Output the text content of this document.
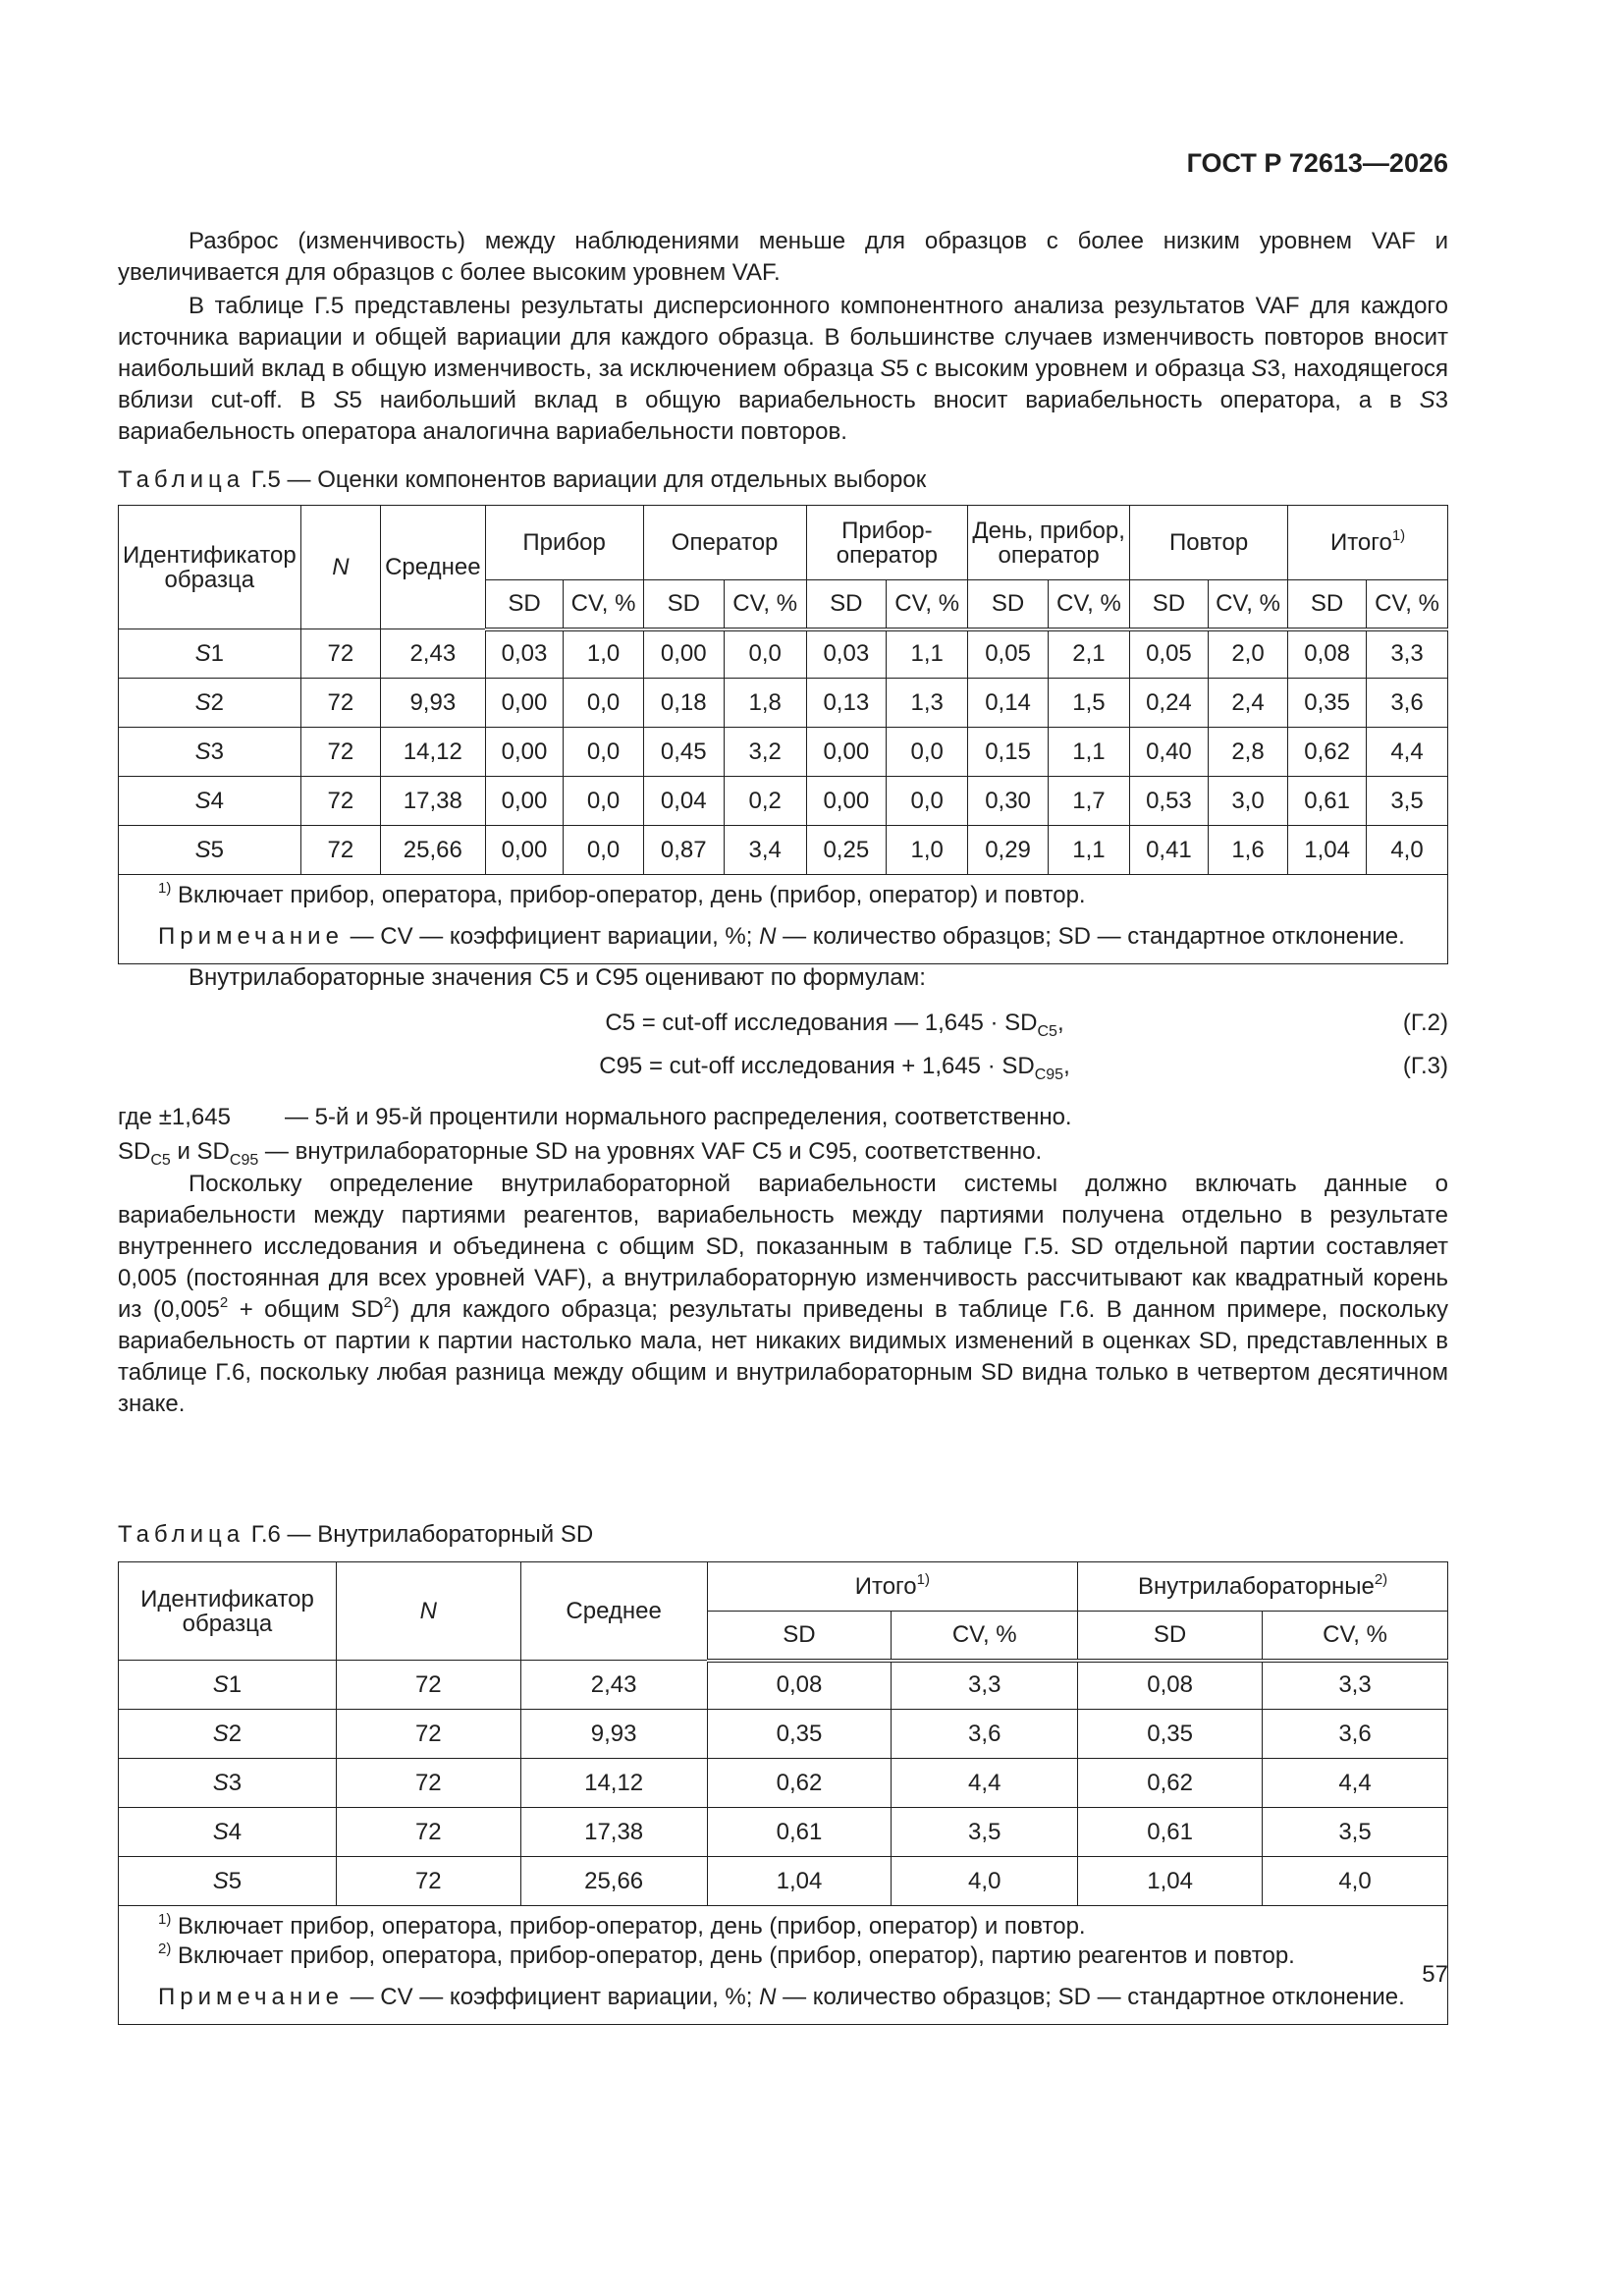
ГОСТ Р 72613—2026

Разброс (изменчивость) между наблюдениями меньше для образцов с более низким уровнем VAF и увеличивается для образцов с более высоким уровнем VAF.

В таблице Г.5 представлены результаты дисперсионного компонентного анализа результатов VAF для каждого источника вариации и общей вариации для каждого образца. В большинстве случаев изменчивость повторов вносит наибольший вклад в общую изменчивость, за исключением образца S5 с высоким уровнем и образца S3, находящегося вблизи cut-off. В S5 наибольший вклад в общую вариабельность вносит вариабельность оператора, а в S3 вариабельность оператора аналогична вариабельности повторов.

Таблица Г.5 — Оценки компонентов вариации для отдельных выборок
Идентификатор образца	N	Среднее	Прибор		Оператор		Прибор-оператор		День, прибор, оператор		Повтор		Итого$^{1)}$
			SD	CV, %	SD	CV, %	SD	CV, %	SD	CV, %	SD	CV, %	SD	CV, %
S1	72	2,43	0,03	1,0	0,00	0,0	0,03	1,1	0,05	2,1	0,05	2,0	0,08	3,3
S2	72	9,93	0,00	0,0	0,18	1,8	0,13	1,3	0,14	1,5	0,24	2,4	0,35	3,6
S3	72	14,12	0,00	0,0	0,45	3,2	0,00	0,0	0,15	1,1	0,40	2,8	0,62	4,4
S4	72	17,38	0,00	0,0	0,04	0,2	0,00	0,0	0,30	1,7	0,53	3,0	0,61	3,5
S5	72	25,66	0,00	0,0	0,87	3,4	0,25	1,0	0,29	1,1	0,41	1,6	1,04	4,0

$^{1)}$ Включает прибор, оператора, прибор-оператор, день (прибор, оператор) и повтор.
Примечание — CV — коэффициент вариации, %; N — количество образцов; SD — стандартное отклонение.														

Внутрилабораторные значения C5 и C95 оценивают по формулам:

C5 = cut-off исследования — $1,645 \cdot SD_{C5}$,	(Г.2)
C95 = cut-off исследования + $1,645 \cdot SD_{C95}$,	(Г.3)
где ±1,645	— 5-й и 95-й процентили нормального распределения, соответственно.
$SD_{C5}$ и $SD_{C95}$ — внутрилабораторные SD на уровнях VAF C5 и C95, соответственно.

Поскольку определение внутрилабораторной вариабельности системы должно включать данные о вариабельности между партиями реагентов, вариабельность между партиями получена отдельно в результате внутреннего исследования и объединена с общим SD, показанным в таблице Г.5. SD отдельной партии составляет 0,005 (постоянная для всех уровней VAF), а внутрилабораторную изменчивость рассчитывают как квадратный корень из ($0,005^2$ + общим $SD^2$) для каждого образца; результаты приведены в таблице Г.6. В данном примере, поскольку вариабельность от партии к партии настолько мала, нет никаких видимых изменений в оценках SD, представленных в таблице Г.6, поскольку любая разница между общим и внутрилабораторным SD видна только в четвертом десятичном знаке.

Таблица Г.6 — Внутрилабораторный SD
Идентификатор образца	N	Среднее	Итого$^{1)}$		Внутрилабораторные$^{2)}$
			SD	CV, %	SD	CV, %
S1	72	2,43	0,08	3,3	0,08	3,3
S2	72	9,93	0,35	3,6	0,35	3,6
S3	72	14,12	0,62	4,4	0,62	4,4
S4	72	17,38	0,61	3,5	0,61	3,5
S5	72	25,66	1,04	4,0	1,04	4,0

$^{1)}$ Включает прибор, оператора, прибор-оператор, день (прибор, оператор) и повтор.
$^{2)}$ Включает прибор, оператора, прибор-оператор, день (прибор, оператор), партию реагентов и повтор.
Примечание — CV — коэффициент вариации, %; N — количество образцов; SD — стандартное отклонение.						
57
